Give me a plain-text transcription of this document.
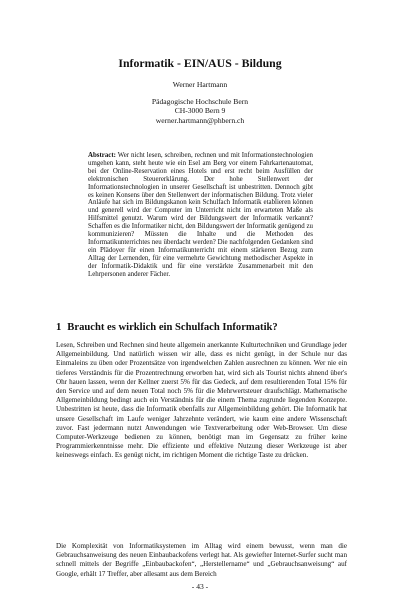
Informatik - EIN/AUS - Bildung
Werner Hartmann
Pädagogische Hochschule Bern
CH-3000 Bern 9
werner.hartmann@phbern.ch

Abstract: Wer nicht lesen, schreiben, rechnen und mit Informationstechnologien umgehen kann, steht heute wie ein Esel am Berg vor einem Fahrkartenautomat, bei der Online-Reservation eines Hotels und erst recht beim Ausfüllen der elektronischen Steuererklärung. Der hohe Stellenwert der Informationstechnologien in unserer Gesellschaft ist unbestritten. Dennoch gibt es keinen Konsens über den Stellenwert der informatischen Bildung. Trotz vieler Anläufe hat sich im Bildungskanon kein Schulfach Informatik etablieren können und generell wird der Computer im Unterricht nicht im erwarteten Maße als Hilfsmittel genutzt. Warum wird der Bildungswert der Informatik verkannt? Schaffen es die Informatiker nicht, den Bildungswert der Informatik genügend zu kommunizieren? Müssten die Inhalte und die Methoden des Informatikunterrichtes neu überdacht werden? Die nachfolgenden Gedanken sind ein Plädoyer für einen Informatikunterricht mit einem stärkeren Bezug zum Alltag der Lernenden, für eine vermehrte Gewichtung methodischer Aspekte in der Informatik-Didaktik und für eine verstärkte Zusammenarbeit mit den Lehrpersonen anderer Fächer.

1 Braucht es wirklich ein Schulfach Informatik?

Lesen, Schreiben und Rechnen sind heute allgemein anerkannte Kulturtechniken und Grundlage jeder Allgemeinbildung. Und natürlich wissen wir alle, dass es nicht genügt, in der Schule nur das Einmaleins zu üben oder Prozentsätze von irgendwelchen Zahlen ausrechnen zu können. Wer nie ein tieferes Verständnis für die Prozentrechnung erworben hat, wird sich als Tourist nichts ahnend über's Ohr hauen lassen, wenn der Kellner zuerst 5% für das Gedeck, auf dem resultierenden Total 15% für den Service und auf dem neuen Total noch 5% für die Mehrwertsteuer draufschlägt. Mathematische Allgemeinbildung bedingt auch ein Verständnis für die einem Thema zugrunde liegenden Konzepte. Unbestritten ist heute, dass die Informatik ebenfalls zur Allgemeinbildung gehört. Die Informatik hat unsere Gesellschaft im Laufe weniger Jahrzehnte verändert, wie kaum eine andere Wissenschaft zuvor. Fast jedermann nutzt Anwendungen wie Textverarbeitung oder Web-Browser. Um diese Computer-Werkzeuge bedienen zu können, benötigt man im Gegensatz zu früher keine Programmierkenntnisse mehr. Die effiziente und effektive Nutzung dieser Werkzeuge ist aber keineswegs einfach. Es genügt nicht, im richtigen Moment die richtige Taste zu drücken.

Die Komplexität von Informatiksystemen im Alltag wird einem bewusst, wenn man die Gebrauchsanweisung des neuen Einbaubackofens verlegt hat. Als gewiefter Internet-Surfer sucht man schnell mittels der Begriffe „Einbaubackofen“, „Herstellername“ und „Gebrauchsanweisung“ auf Google, erhält 17 Treffer, aber allesamt aus dem Bereich

- 43 -
